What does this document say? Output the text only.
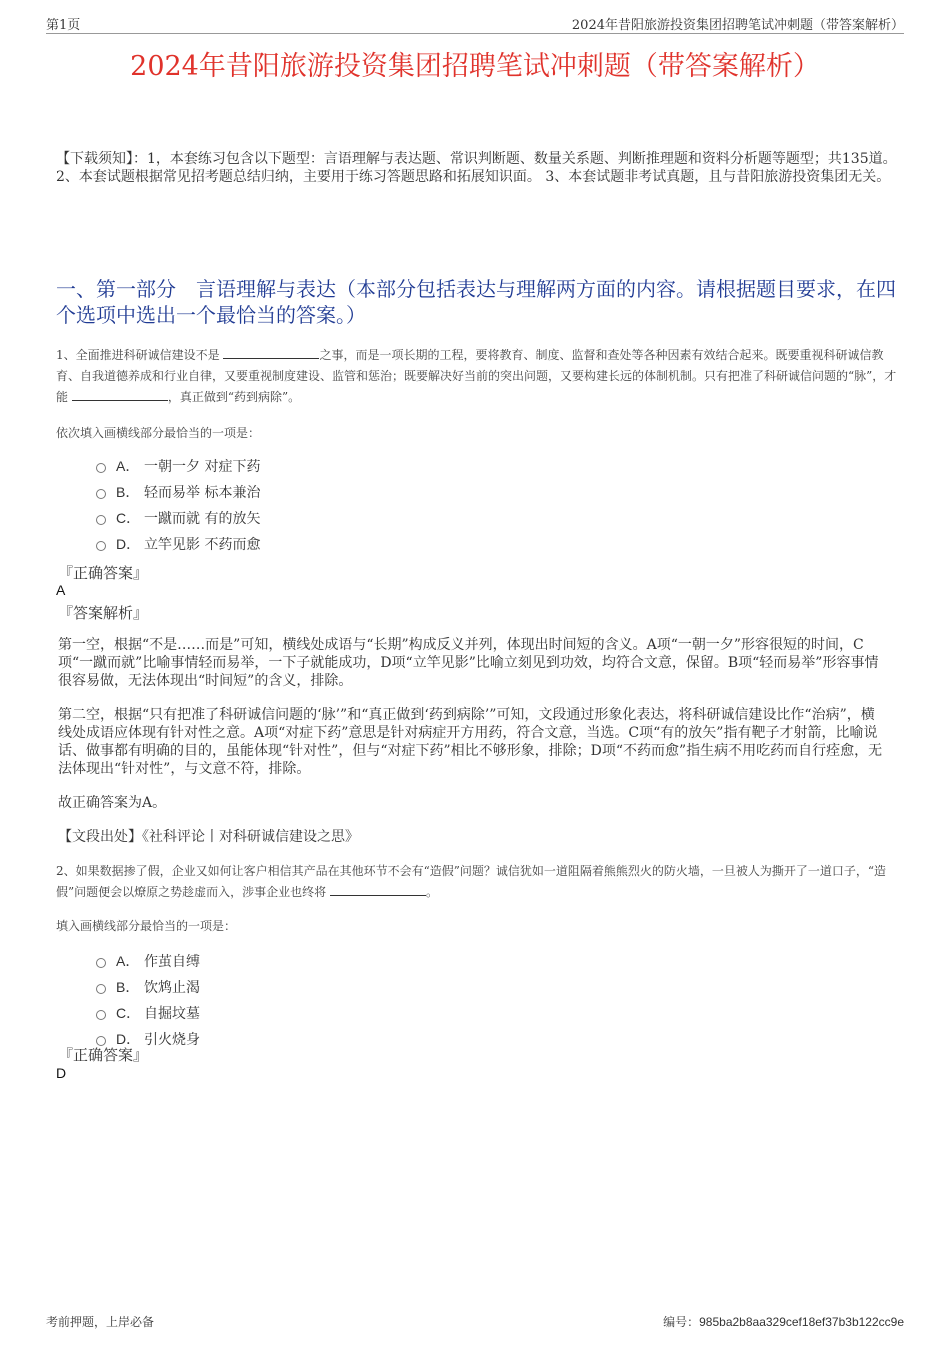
第1页	2024年昔阳旅游投资集团招聘笔试冲刺题（带答案解析）
2024年昔阳旅游投资集团招聘笔试冲刺题（带答案解析）
【下载须知】：1，本套练习包含以下题型：言语理解与表达题、常识判断题、数量关系题、判断推理题和资料分析题等题型；共135道。 2、本套试题根据常见招考题总结归纳，主要用于练习答题思路和拓展知识面。 3、本套试题非考试真题，且与昔阳旅游投资集团无关。
一、第一部分　言语理解与表达（本部分包括表达与理解两方面的内容。请根据题目要求，在四个选项中选出一个最恰当的答案。）
1、全面推进科研诚信建设不是	之事，而是一项长期的工程，要将教育、制度、监督和查处等各种因素有效结合起来。既要重视科研诚信教育、自我道德养成和行业自律，又要重视制度建设、监管和惩治；既要解决好当前的突出问题，又要构建长远的体制机制。只有把准了科研诚信问题的“脉”，才能	，真正做到“药到病除”。
依次填入画横线部分最恰当的一项是：
A． 一朝一夕 对症下药
B． 轻而易举 标本兼治
C． 一蹴而就 有的放矢
D． 立竿见影 不药而愈
『正确答案』
A
『答案解析』
第一空，根据“不是……而是”可知，横线处成语与“长期”构成反义并列，体现出时间短的含义。A项“一朝一夕”形容很短的时间，C项“一蹴而就”比喻事情轻而易举，一下子就能成功，D项“立竿见影”比喻立刻见到功效，均符合文意，保留。B项“轻而易举”形容事情很容易做，无法体现出“时间短”的含义，排除。
第二空，根据“只有把准了科研诚信问题的‘脉’”和“真正做到‘药到病除’”可知，文段通过形象化表达，将科研诚信建设比作“治病”，横线处成语应体现有针对性之意。A项“对症下药”意思是针对病症开方用药，符合文意，当选。C项“有的放矢”指有靶子才射箭，比喻说话、做事都有明确的目的，虽能体现“针对性”，但与“对症下药”相比不够形象，排除；D项“不药而愈”指生病不用吃药而自行痊愈，无法体现出“针对性”，与文意不符，排除。
故正确答案为A。
【文段出处】《社科评论丨对科研诚信建设之思》
2、如果数据掺了假，企业又如何让客户相信其产品在其他环节不会有“造假”问题？诚信犹如一道阻隔着熊熊烈火的防火墙，一旦被人为撕开了一道口子，“造假”问题便会以燎原之势趁虚而入，涉事企业也终将	。
填入画横线部分最恰当的一项是：
A． 作茧自缚
B． 饮鸩止渴
C． 自掘坟墓
D． 引火烧身
『正确答案』
D
考前押题，上岸必备	编号：985ba2b8aa329cef18ef37b3b122cc9e
